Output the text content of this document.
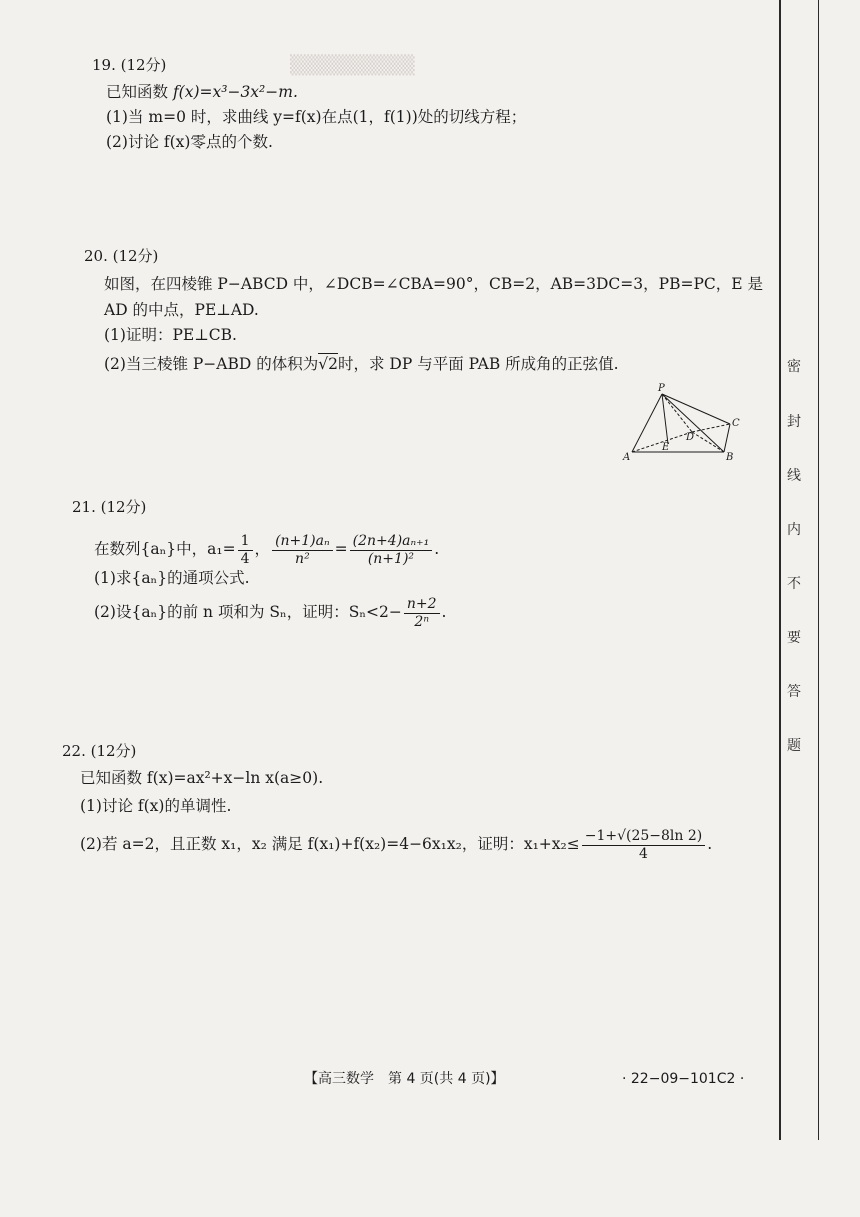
▒▒▒▒▒▒▒▒▒
19. (12分)
已知函数 f(x)=x³−3x²−m.
(1)当 m=0 时，求曲线 y=f(x)在点(1，f(1))处的切线方程；
(2)讨论 f(x)零点的个数.
20. (12分)
如图，在四棱锥 P−ABCD 中，∠DCB=∠CBA=90°，CB=2，AB=3DC=3，PB=PC，E 是
AD 的中点，PE⊥AD.
(1)证明：PE⊥CB.
(2)当三棱锥 P−ABD 的体积为√2时，求 DP 与平面 PAB 所成角的正弦值.
P
C
D
E
A	B
21. (12分)
在数列{aₙ}中，$a_1= \frac{1}{4}$ ， $\frac{\text{(n+1)aₙ}}{\text{n²}} = \frac{\text{(2n+4)aₙ₊₁}}{\text{(n+1)²}}$ .
(1)求{aₙ}的通项公式.
(2)设{aₙ}的前 n 项和为 Sₙ，证明：$S_n<2- \frac{n+2}{\text{2ⁿ}}$ .
22. (12分)
已知函数 f(x)=ax²+x−ln x(a≥0).
(1)讨论 f(x)的单调性.
(2)若 a=2，且正数 x₁，x₂ 满足 f(x₁)+f(x₂)=4−6x₁x₂，证明：$x_1+x_2\le \frac{-1+√(25-8\ln 2)}{4}$ .
密
封
线
内
不
要
答
题
【高三数学　第 4 页(共 4 页)】	· 22−09−101C2 ·
